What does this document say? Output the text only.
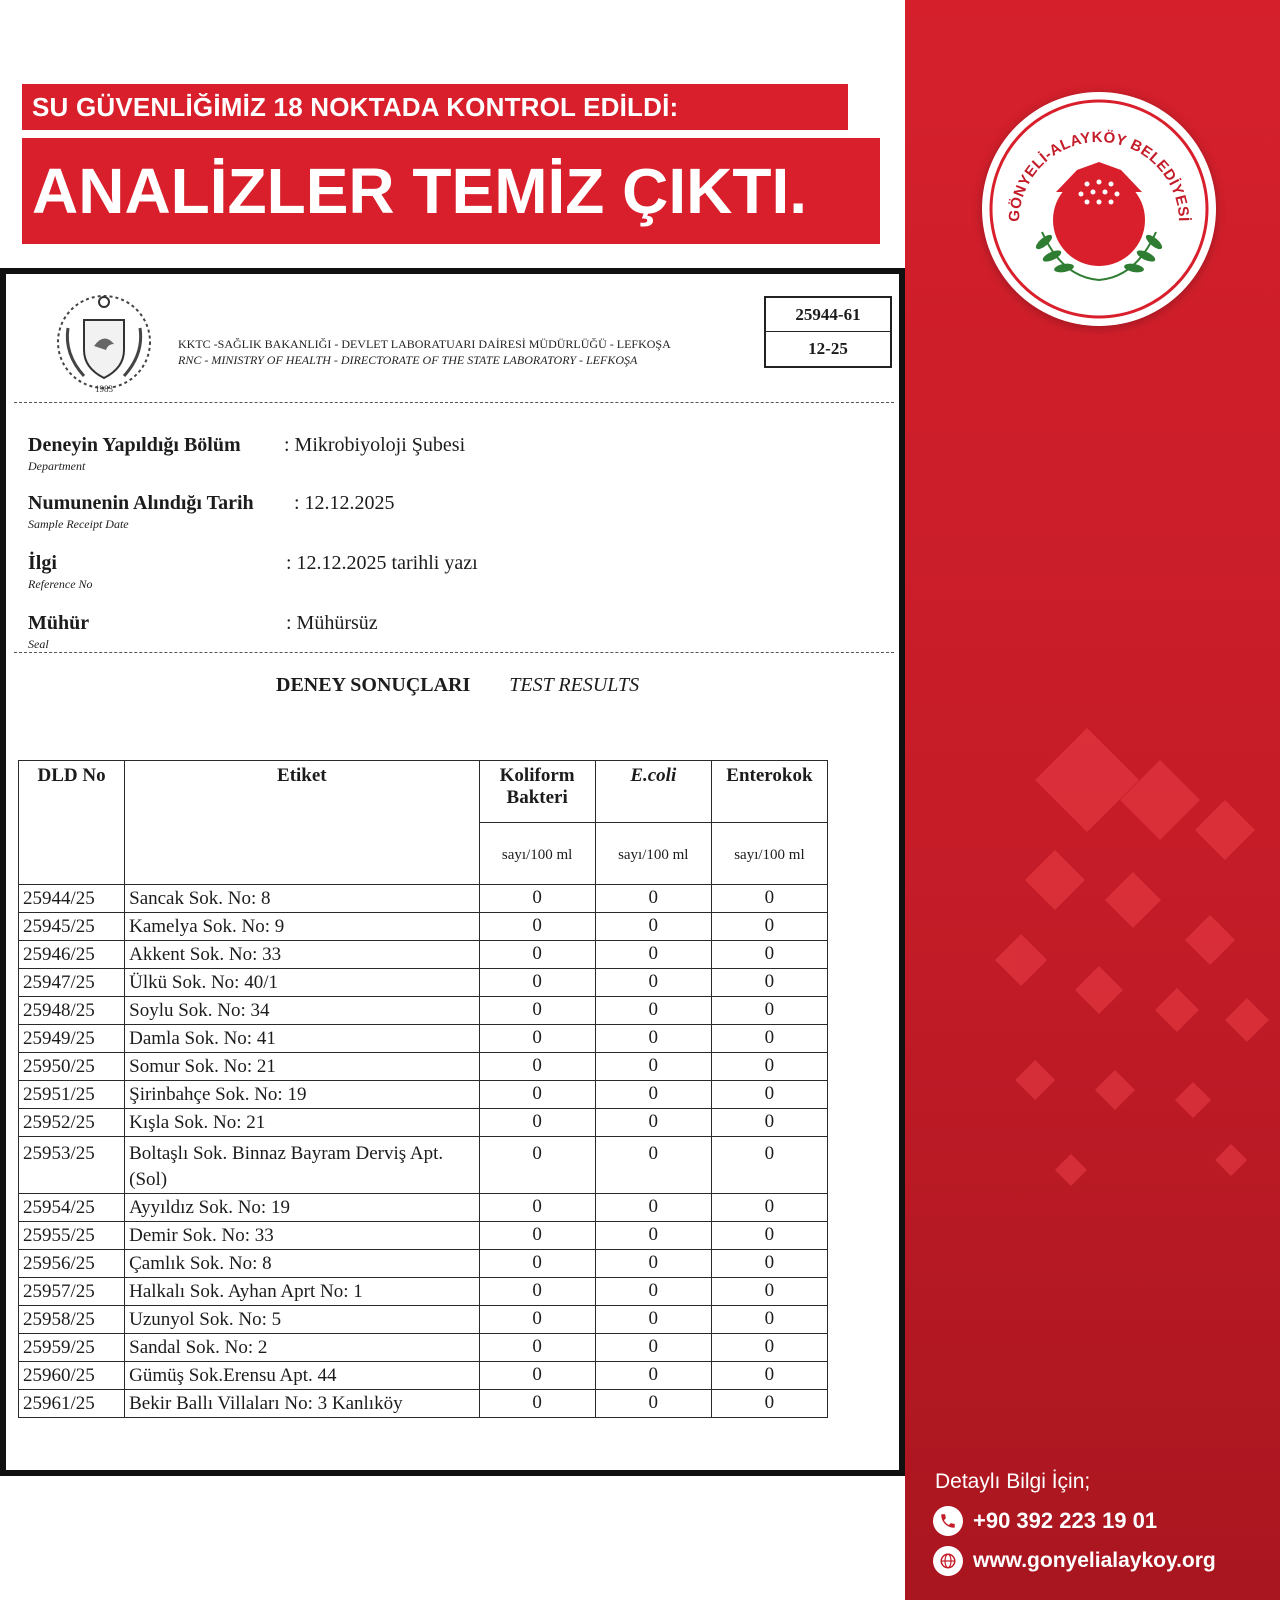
SU GÜVENLİĞİMİZ 18 NOKTADA KONTROL EDİLDİ:
ANALİZLER TEMİZ ÇIKTI.
1983
KKTC -SAĞLIK BAKANLIĞI - DEVLET LABORATUARI DAİRESİ MÜDÜRLÜĞÜ - LEFKOŞA
RNC - MINISTRY OF HEALTH - DIRECTORATE OF THE STATE LABORATORY - LEFKOŞA
25944-61
12-25
Deneyin Yapıldığı Bölüm
Department
: Mikrobiyoloji Şubesi
Numunenin Alındığı Tarih
Sample Receipt Date
: 12.12.2025
İlgi
Reference No
: 12.12.2025 tarihli yazı
Mühür
Seal
: Mühürsüz
DENEY SONUÇLARI TEST RESULTS
DLD No	Etiket	Koliform Bakteri	E.coli	Enterokok
		sayı/100 ml	sayı/100 ml	sayı/100 ml
25944/25	Sancak Sok. No: 8	0	0	0
25945/25	Kamelya Sok. No: 9	0	0	0
25946/25	Akkent Sok. No: 33	0	0	0
25947/25	Ülkü Sok. No: 40/1	0	0	0
25948/25	Soylu Sok. No: 34	0	0	0
25949/25	Damla Sok. No: 41	0	0	0
25950/25	Somur Sok. No: 21	0	0	0
25951/25	Şirinbahçe Sok. No: 19	0	0	0
25952/25	Kışla Sok. No: 21	0	0	0
25953/25	Boltaşlı Sok. Binnaz Bayram Derviş Apt. (Sol)	0	0	0
25954/25	Ayyıldız Sok. No: 19	0	0	0
25955/25	Demir Sok. No: 33	0	0	0
25956/25	Çamlık Sok. No: 8	0	0	0
25957/25	Halkalı Sok. Ayhan Aprt No: 1	0	0	0
25958/25	Uzunyol Sok. No: 5	0	0	0
25959/25	Sandal Sok. No: 2	0	0	0
25960/25	Gümüş Sok.Erensu Apt. 44	0	0	0
25961/25	Bekir Ballı Villaları No: 3 Kanlıköy	0	0	0
GÖNYELİ-ALAYKÖY BELEDİYESİ
Detaylı Bilgi İçin;
+90 392 223 19 01
www.gonyelialaykoy.org
